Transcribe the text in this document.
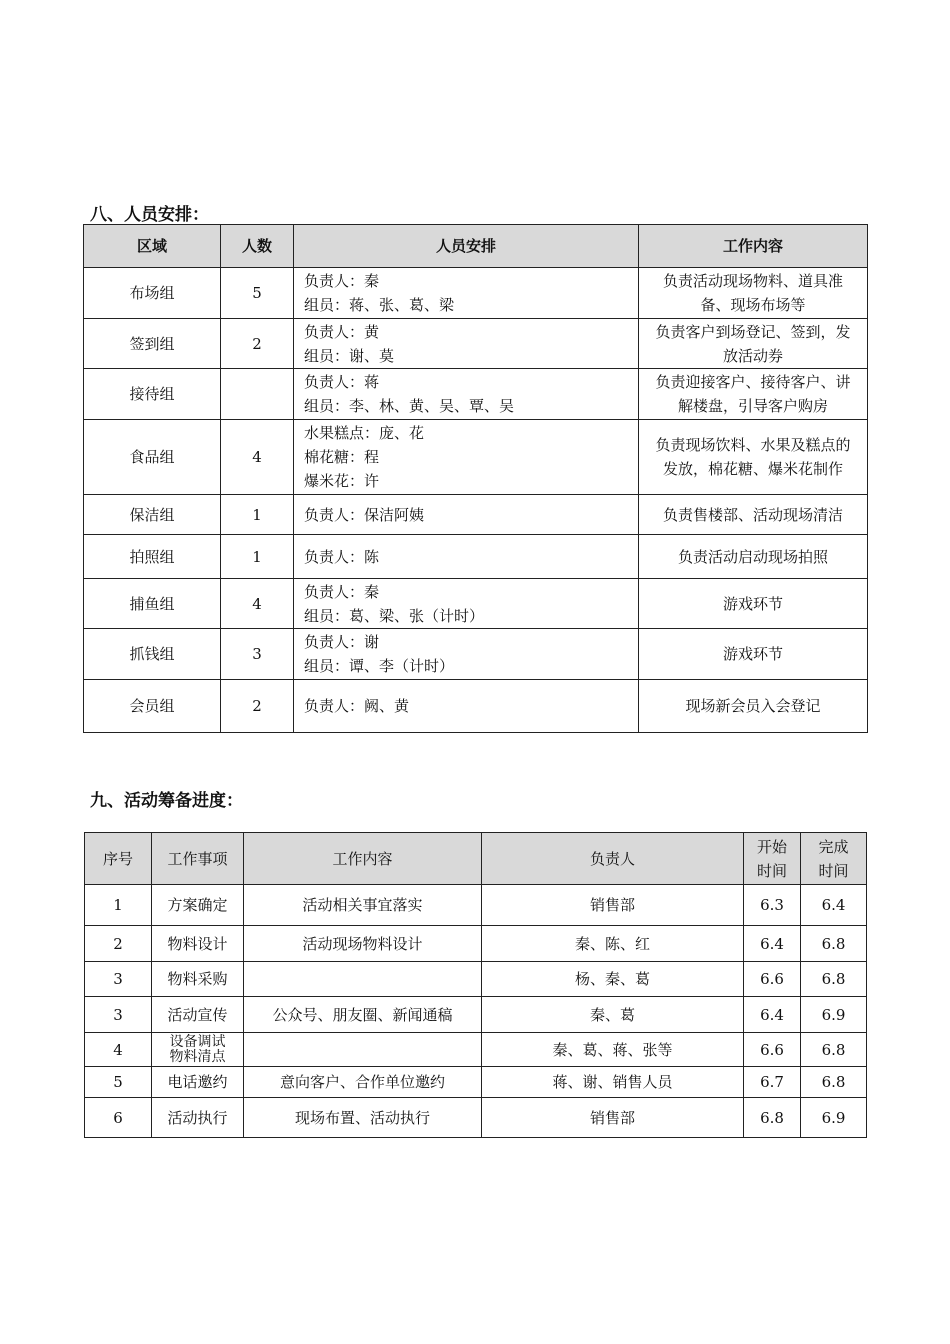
八、人员安排：
区域	人数	人员安排	工作内容
布场组	5	负责人：秦
组员：蒋、张、葛、梁	负责活动现场物料、道具准
备、现场布场等

签到组	2	负责人：黄
组员：谢、莫	负责客户到场登记、签到，发
放活动券

接待组		负责人：蒋
组员：李、林、黄、吴、覃、吴	负责迎接客户、接待客户、讲
解楼盘，引导客户购房

食品组	4	水果糕点：庞、花
棉花糖：程
爆米花：许	负责现场饮料、水果及糕点的
发放，棉花糖、爆米花制作

保洁组	1	负责人：保洁阿姨	负责售楼部、活动现场清洁

拍照组	1	负责人：陈	负责活动启动现场拍照

捕鱼组	4	负责人：秦
组员：葛、梁、张（计时）	游戏环节

抓钱组	3	负责人：谢
组员：谭、李（计时）	游戏环节

会员组	2	负责人：阙、黄	现场新会员入会登记
九、活动筹备进度：
序号	工作事项	工作内容	负责人	开始
时间	完成
时间

1	方案确定	活动相关事宜落实	销售部	6.3	6.4
2	物料设计	活动现场物料设计	秦、陈、红	6.4	6.8
3	物料采购		杨、秦、葛	6.6	6.8
3	活动宣传	公众号、朋友圈、新闻通稿	秦、葛	6.4	6.9
4	设备调试
物料清点		秦、葛、蒋、张等	6.6	6.8
5	电话邀约	意向客户、合作单位邀约	蒋、谢、销售人员	6.7	6.8
6	活动执行	现场布置、活动执行	销售部	6.8	6.9
